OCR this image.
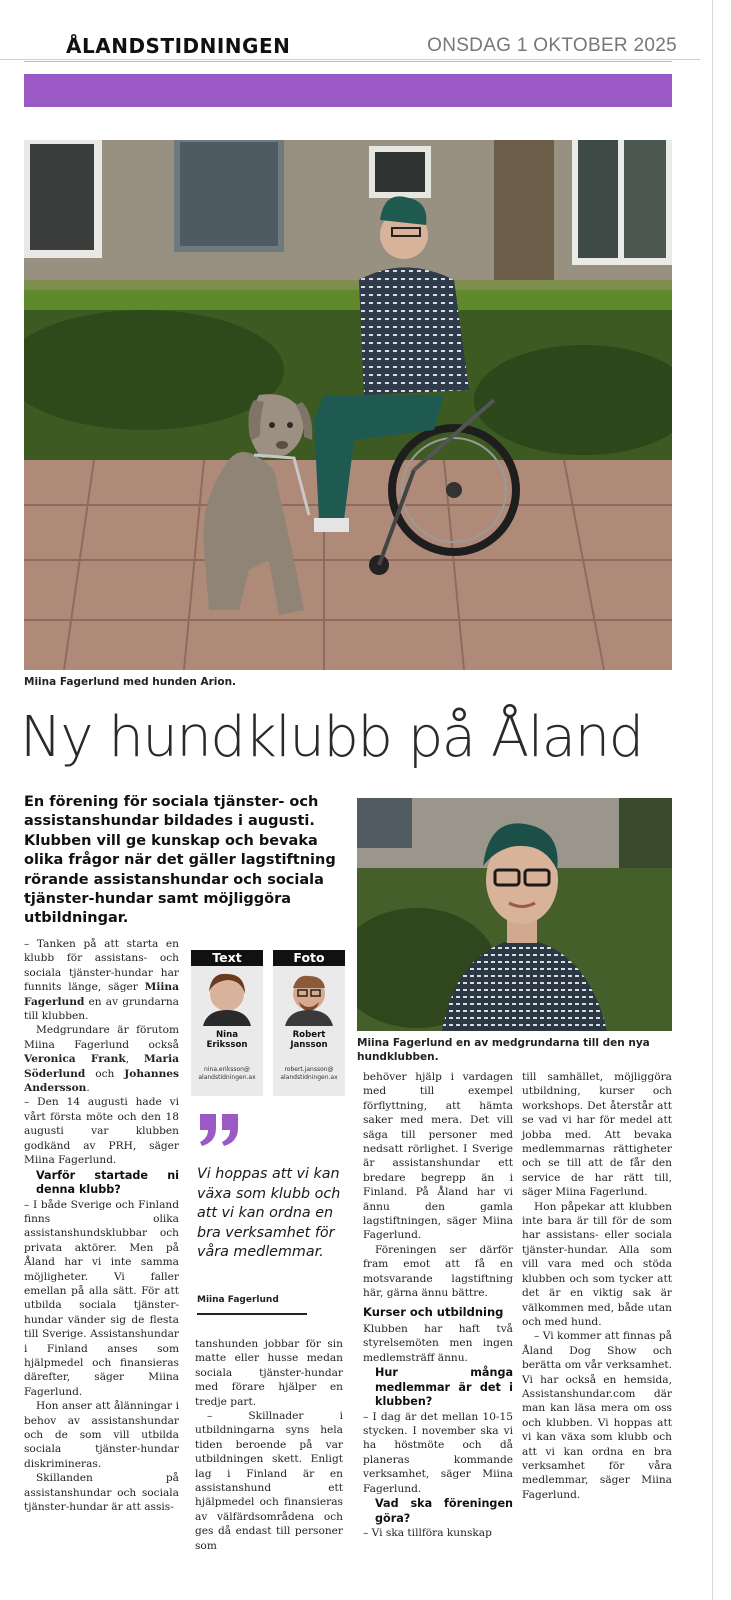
ÅLANDSTIDNINGEN	ONSDAG 1 OKTOBER 2025
Miina Fagerlund med hunden Arion.
Ny hundklubb på Åland
En förening för sociala tjänster- och assistanshundar bildades i augusti. Klubben vill ge kunskap och bevaka olika frågor när det gäller lagstiftning rörande assistanshundar och sociala tjänster-hundar samt möjliggöra utbildningar.
Miina Fagerlund en av medgrundarna till den nya hundklubben.

– Tanken på att starta en klubb för assistans- och sociala tjänster-hundar har funnits länge, säger Miina Fagerlund en av grundarna till klubben.

Medgrundare är förutom Miina Fagerlund också Veronica Frank, Maria Söderlund och Johannes Andersson.

– Den 14 augusti hade vi vårt första möte och den 18 augusti var klubben godkänd av PRH, säger Miina Fagerlund.

Varför startade ni denna klubb?

– I både Sverige och Finland finns olika assistanshundsklubbar och privata aktörer. Men på Åland har vi inte samma möjligheter. Vi faller emellan på alla sätt. För att utbilda sociala tjänster-hundar vänder sig de flesta till Sverige. Assistanshundar i Finland anses som hjälpmedel och finansieras därefter, säger Miina Fagerlund.

Hon anser att ålänningar i behov av assistanshundar och de som vill utbilda sociala tjänster-hundar diskrimineras.

Skillanden på assistanshundar och sociala tjänster-hundar är att assis-

Text
Nina
Eriksson
nina.eriksson@
alandstidningen.ax
Foto
Robert
Jansson
robert.jansson@
alandstidningen.ax
Vi hoppas att vi kan växa som klubb och att vi kan ordna en bra verksamhet för våra medlemmar.
Miina Fagerlund

tanshunden jobbar för sin matte eller husse medan sociala tjänster-hundar med förare hjälper en tredje part.

– Skillnader i utbildningarna syns hela tiden beroende på var utbildningen skett. Enligt lag i Finland är en assistanshund ett hjälpmedel och finansieras av välfärdsområdena och ges då endast till personer som

behöver hjälp i vardagen med till exempel förflyttning, att hämta saker med mera. Det vill säga till personer med nedsatt rörlighet. I Sverige är assistanshundar ett bredare begrepp än i Finland. På Åland har vi ännu den gamla lagstiftningen, säger Miina Fagerlund.

Föreningen ser därför fram emot att få en motsvarande lagstiftning här, gärna ännu bättre.

Kurser och utbildning

Klubben har haft två styrelsemöten men ingen medlemsträff ännu.

Hur många medlemmar är det i klubben?

– I dag är det mellan 10-15 stycken. I november ska vi ha höstmöte och då planeras kommande verksamhet, säger Miina Fagerlund.

Vad ska föreningen göra?

– Vi ska tillföra kunskap

till samhället, möjliggöra utbildning, kurser och workshops. Det återstår att se vad vi har för medel att jobba med. Att bevaka medlemmarnas rättigheter och se till att de får den service de har rätt till, säger Miina Fagerlund.

Hon påpekar att klubben inte bara är till för de som har assistans- eller sociala tjänster-hundar. Alla som vill vara med och stöda klubben och som tycker att det är en viktig sak är välkommen med, både utan och med hund.

– Vi kommer att finnas på Åland Dog Show och berätta om vår verksamhet. Vi har också en hemsida, Assistanshundar.com där man kan läsa mera om oss och klubben. Vi hoppas att vi kan växa som klubb och att vi kan ordna en bra verksamhet för våra medlemmar, säger Miina Fagerlund.
